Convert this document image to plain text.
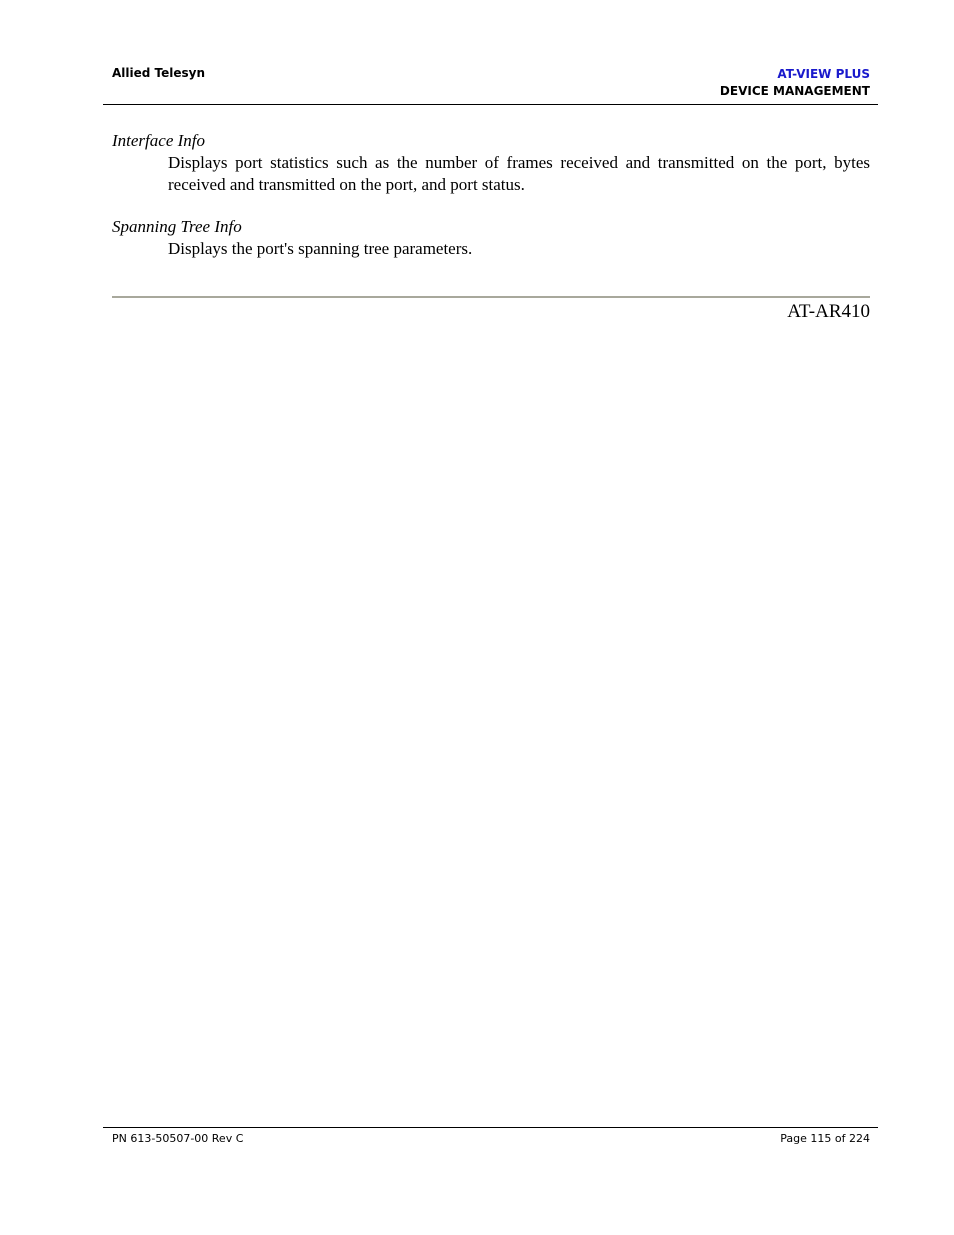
Allied Telesyn	AT-VIEW PLUS
DEVICE MANAGEMENT

Interface Info

Displays port statistics such as the number of frames received and transmitted on the port, bytes received and transmitted on the port, and port status.

Spanning Tree Info

Displays the port's spanning tree parameters.

AT-AR410
PN 613-50507-00 Rev C	Page 115 of 224
